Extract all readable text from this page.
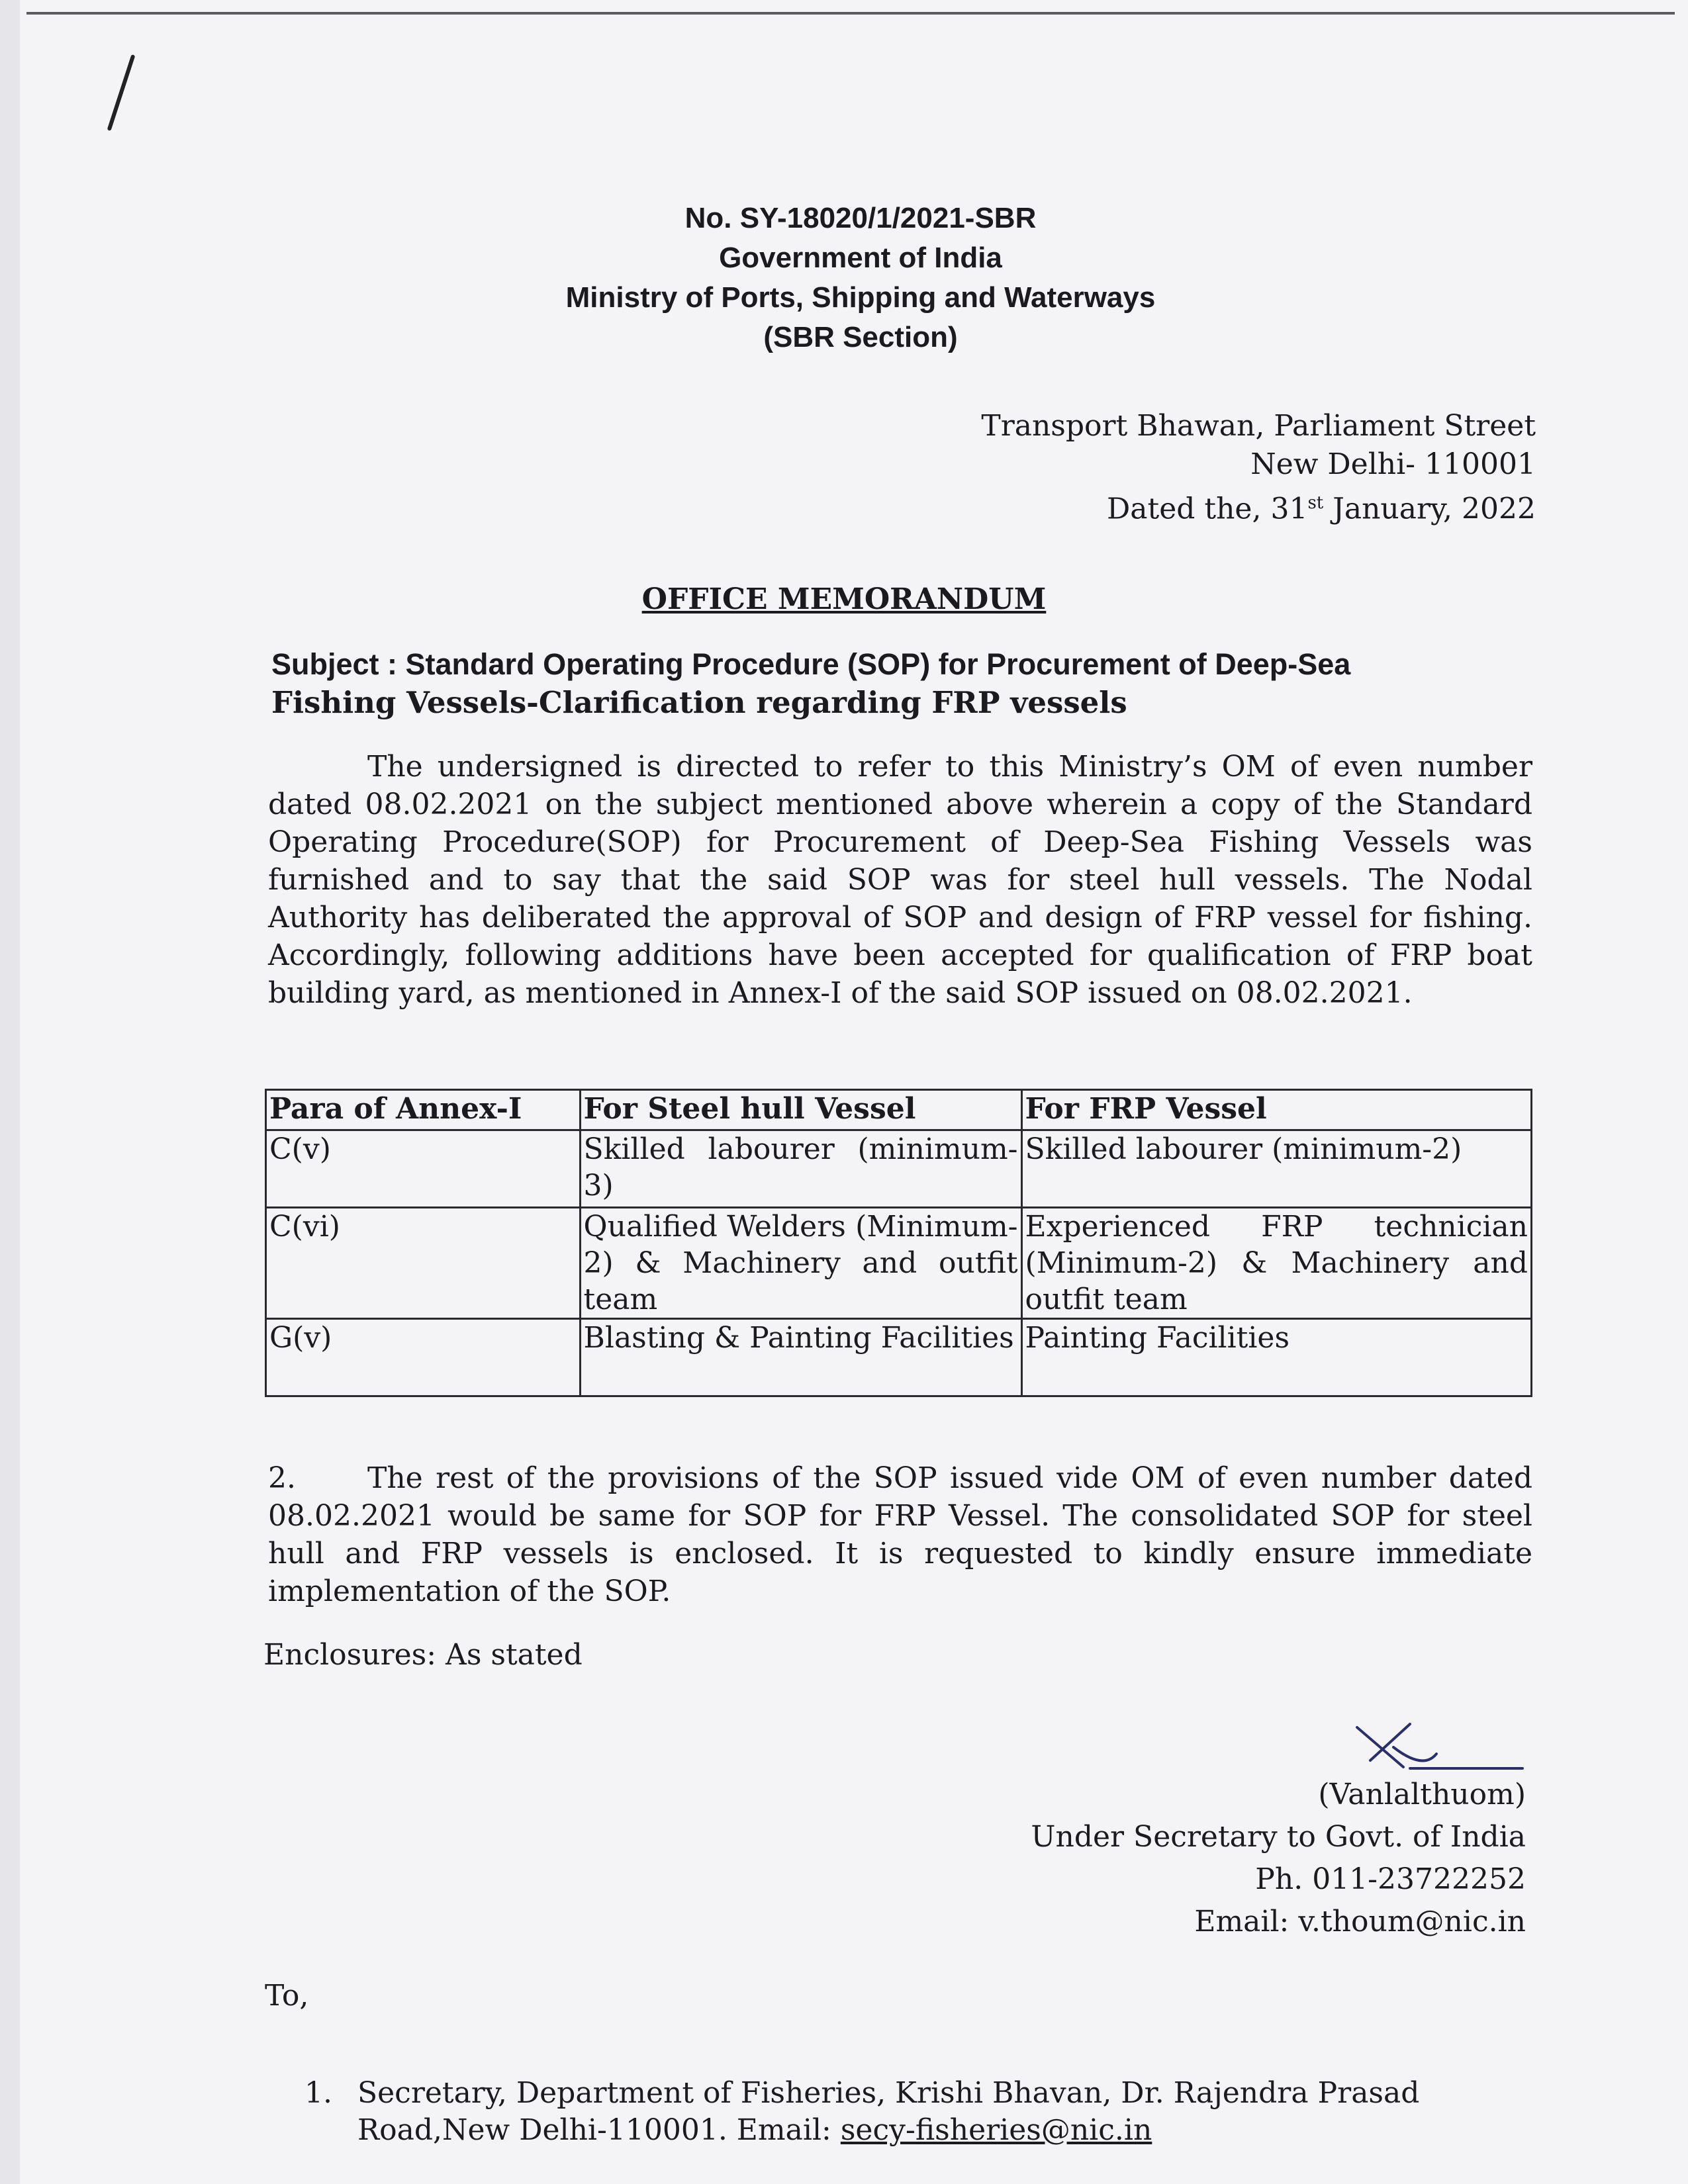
No. SY-18020/1/2021-SBR
Government of India
Ministry of Ports, Shipping and Waterways
(SBR Section)
Transport Bhawan, Parliament Street
New Delhi- 110001
Dated the, 31st January, 2022
OFFICE MEMORANDUM
Subject : Standard Operating Procedure (SOP) for Procurement of Deep-Sea
Fishing Vessels-Clarification regarding FRP vessels
The undersigned is directed to refer to this Ministry’s OM of even number dated 08.02.2021 on the subject mentioned above wherein a copy of the Standard Operating Procedure(SOP) for Procurement of Deep-Sea Fishing Vessels was furnished and to say that the said SOP was for steel hull vessels. The Nodal Authority has deliberated the approval of SOP and design of FRP vessel for fishing. Accordingly, following additions have been accepted for qualification of FRP boat building yard, as mentioned in Annex-I of the said SOP issued on 08.02.2021.
Para of Annex-I	For Steel hull Vessel	For FRP Vessel
C(v)	Skilled labourer (minimum-3)	Skilled labourer (minimum-2)
C(vi)	Qualified Welders (Minimum-2) & Machinery and outfit team	Experienced FRP technician (Minimum-2) & Machinery and outfit team
G(v)	Blasting & Painting Facilities	Painting Facilities
2. The rest of the provisions of the SOP issued vide OM of even number dated 08.02.2021 would be same for SOP for FRP Vessel. The consolidated SOP for steel hull and FRP vessels is enclosed. It is requested to kindly ensure immediate implementation of the SOP.
Enclosures: As stated
(Vanlalthuom)
Under Secretary to Govt. of India
Ph. 011-23722252
Email: v.thoum@nic.in
To,
1. Secretary, Department of Fisheries, Krishi Bhavan, Dr. Rajendra Prasad Road,New Delhi-110001. Email: secy-fisheries@nic.in
